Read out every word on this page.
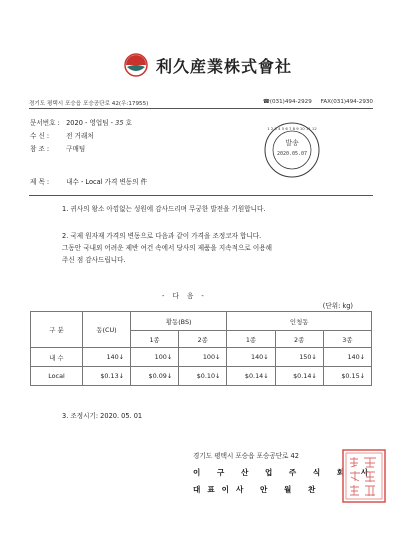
利久産業株式會社
경기도 평택시 포승읍 포승공단로 42(우:17955)	☎(031)494-2929 FAX(031)494-2930
문서번호 : 2020 - 영업팀 - 35 호
수 신 :	전 거래처
참 조 :	구매팀
제 목 :	내수 - Local 가격 변동의 件
1 2 3 4 5 6 7 8 9 10 11 12
발송
2020.05.07
1. 귀사의 왕소 아낌없는 성원에 감사드리며 무궁한 발전을 기원합니다.
2. 국제 원자재 가격의 변동으로 다음과 같이 가격을 조정코자 합니다.
그동안 국내외 어려운 제반 여건 속에서 당사의 제품을 지속적으로 이용해
주신 점 감사드립니다.
- 다 음 -
(단위: kg)
구 분	동(CU)	황동(BS)		인청동		
		1종	2종	1종	2종	3종
내 수	140↓	100↓	100↓	140↓	150↓	140↓
Local	$0.13↓	$0.09↓	$0.10↓	$0.14↓	$0.14↓	$0.15↓
3. 조정시기: 2020. 05. 01
경기도 평택시 포승읍 포승공단로 42
이 구 산 업 주 식 회 사
대표이사 안 월 찬
